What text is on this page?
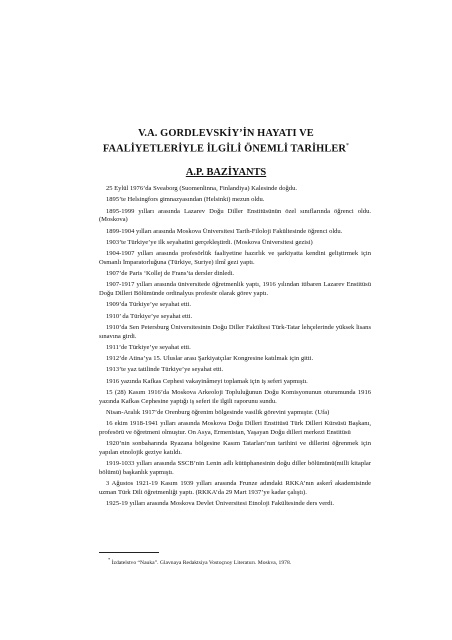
V.A. GORDLEVSKİY’İN HAYATI VE
FAALİYETLERİYLE İLGİLİ ÖNEMLİ TARİHLER*
A.P. BAZİYANTS

25 Eylül 1976’da Sveaborg (Suomenlinna, Finlandiya) Kalesinde doğdu.

1895’te Helsingfors gimnazyasından (Helsinki) mezun oldu.

1895-1999 yılları arasında Lazarev Doğu Diller Enstitüsünün özel sınıflarında öğrenci oldu. (Moskova)

1899-1904 yılları arasında Moskova Üniversitesi Tarih-Filoloji Fakültesinde öğrenci oldu.

1903’te Türkiye’ye ilk seyahatini gerçekleştirdi. (Moskova Üniversitesi gezisi)

1904-1907 yılları arasında profesörlük faaliyetine hazırlık ve şarkiyatta kendini geliştirmek için Osmanlı İmparatorluğuna (Türkiye, Suriye) ilmî gezi yaptı.

1907’de Paris ‘Kollej de Frans’ta dersler dinledi.

1907-1917 yılları arasında üniversitede öğretmenlik yaptı, 1916 yılından itibaren Lazarev Enstitüsü Doğu Dilleri Bölümünde ordinalyus profesör olarak görev yaptı.

1909’da Türkiye’ye seyahat etti.

1910’ da Türkiye’ye seyahat etti.

1910’da Sen Petersburg Üniversitesinin Doğu Diller Fakültesi Türk-Tatar lehçelerinde yüksek lisans sınavına girdi.

1911’de Türkiye’ye seyahat etti.

1912’de Atina’ya 15. Uluslar arası Şarkiyatçılar Kongresine katılmak için gitti.

1913’te yaz tatilinde Türkiye’ye seyahat etti.

1916 yazında Kafkas Cephesi vakayinâmeyi toplamak için iş seferi yapmıştı.

15 (28) Kasım 1916’da Moskova Arkeoloji Topluluğunun Doğu Komisyonunun oturumunda 1916 yazında Kafkas Cephesine yaptığı iş seferi ile ilgili raporunu sundu.

Nisan-Aralık 1917’de Orenburg öğrenim bölgesinde vasilik görevini yapmıştır. (Ufa)

16 ekim 1918-1941 yılları arasında Moskova Doğu Dilleri Enstitüsü Türk Dilleri Kürsüsü Başkanı, profesörü ve öğretmeni olmuştur. On Asya, Ermenistan, Yaşayan Doğu dilleri merkezi Enstitüsü

1920’nin sonbaharında Ryazana bölgesine Kasım Tatarları’nın tarihini ve dillerini öğrenmek için yapılan etnolojik geziye katıldı.

1919-1033 yılları arasında SSCB’nin Lenin adlı kütüphanesinin doğu diller bölümünü(milli kitaplar bölümü) başkanlık yapmıştı.

3 Ağustos 1921-19 Kasım 1939 yılları arasında Frunze adındaki RKKA’nın askerî akademisinde uzman Türk Dili öğretmenliği yaptı. (RKKA’da 29 Mart 1937’ye kadar çalıştı).

1925-19 yılları arasında Moskova Devlet Üniversitesi Etnoloji Fakültesinde ders verdi.

* İzdatelstvo “Nauka”. Glavnaya Redaktsiya Vostoçnoy Literaturı. Moskva, 1978.
